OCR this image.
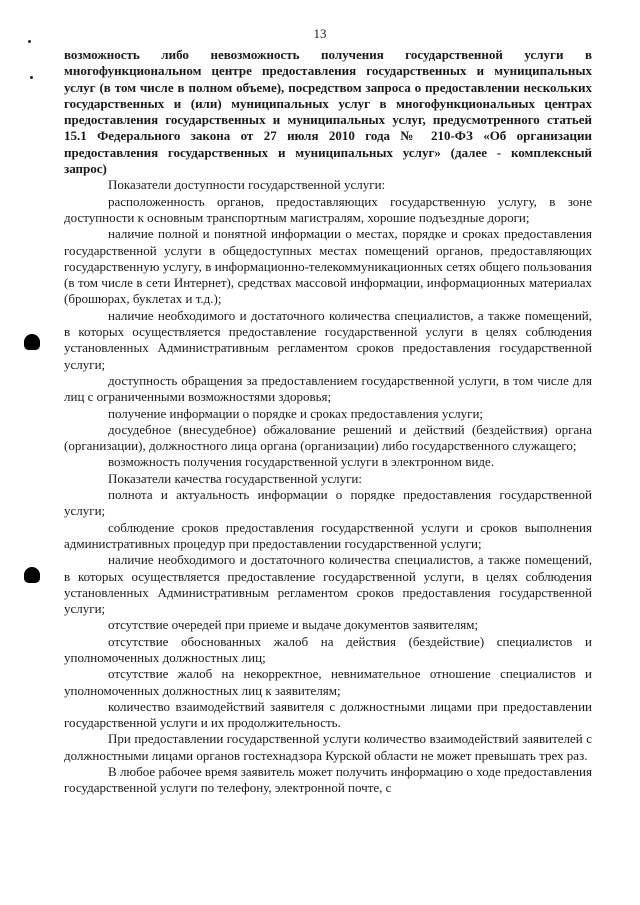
13

возможность либо невозможность получения государственной услуги в многофункциональном центре предоставления государственных и муниципальных услуг (в том числе в полном объеме), посредством запроса о предоставлении нескольких государственных и (или) муниципальных услуг в многофункциональных центрах предоставления государственных и муниципальных услуг, предусмотренного статьей 15.1 Федерального закона от 27 июля 2010 года № 210-ФЗ «Об организации предоставления государственных и муниципальных услуг» (далее - комплексный запрос)

Показатели доступности государственной услуги:

расположенность органов, предоставляющих государственную услугу, в зоне доступности к основным транспортным магистралям, хорошие подъездные дороги;

наличие полной и понятной информации о местах, порядке и сроках предоставления государственной услуги в общедоступных местах помещений органов, предоставляющих государственную услугу, в информационно-телекоммуникационных сетях общего пользования (в том числе в сети Интернет), средствах массовой информации, информационных материалах (брошюрах, буклетах и т.д.);

наличие необходимого и достаточного количества специалистов, а также помещений, в которых осуществляется предоставление государственной услуги в целях соблюдения установленных Административным регламентом сроков предоставления государственной услуги;

доступность обращения за предоставлением государственной услуги, в том числе для лиц с ограниченными возможностями здоровья;

получение информации о порядке и сроках предоставления услуги;

досудебное (внесудебное) обжалование решений и действий (бездействия) органа (организации), должностного лица органа (организации) либо государственного служащего;

возможность получения государственной услуги в электронном виде.

Показатели качества государственной услуги:

полнота и актуальность информации о порядке предоставления государственной услуги;

соблюдение сроков предоставления государственной услуги и сроков выполнения административных процедур при предоставлении государственной услуги;

наличие необходимого и достаточного количества специалистов, а также помещений, в которых осуществляется предоставление государственной услуги, в целях соблюдения установленных Административным регламентом сроков предоставления государственной услуги;

отсутствие очередей при приеме и выдаче документов заявителям;

отсутствие обоснованных жалоб на действия (бездействие) специалистов и уполномоченных должностных лиц;

отсутствие жалоб на некорректное, невнимательное отношение специалистов и уполномоченных должностных лиц к заявителям;

количество взаимодействий заявителя с должностными лицами при предоставлении государственной услуги и их продолжительность.

При предоставлении государственной услуги количество взаимодействий заявителей с должностными лицами органов гостехнадзора Курской области не может превышать трех раз.

В любое рабочее время заявитель может получить информацию о ходе предоставления государственной услуги по телефону, электронной почте, с
